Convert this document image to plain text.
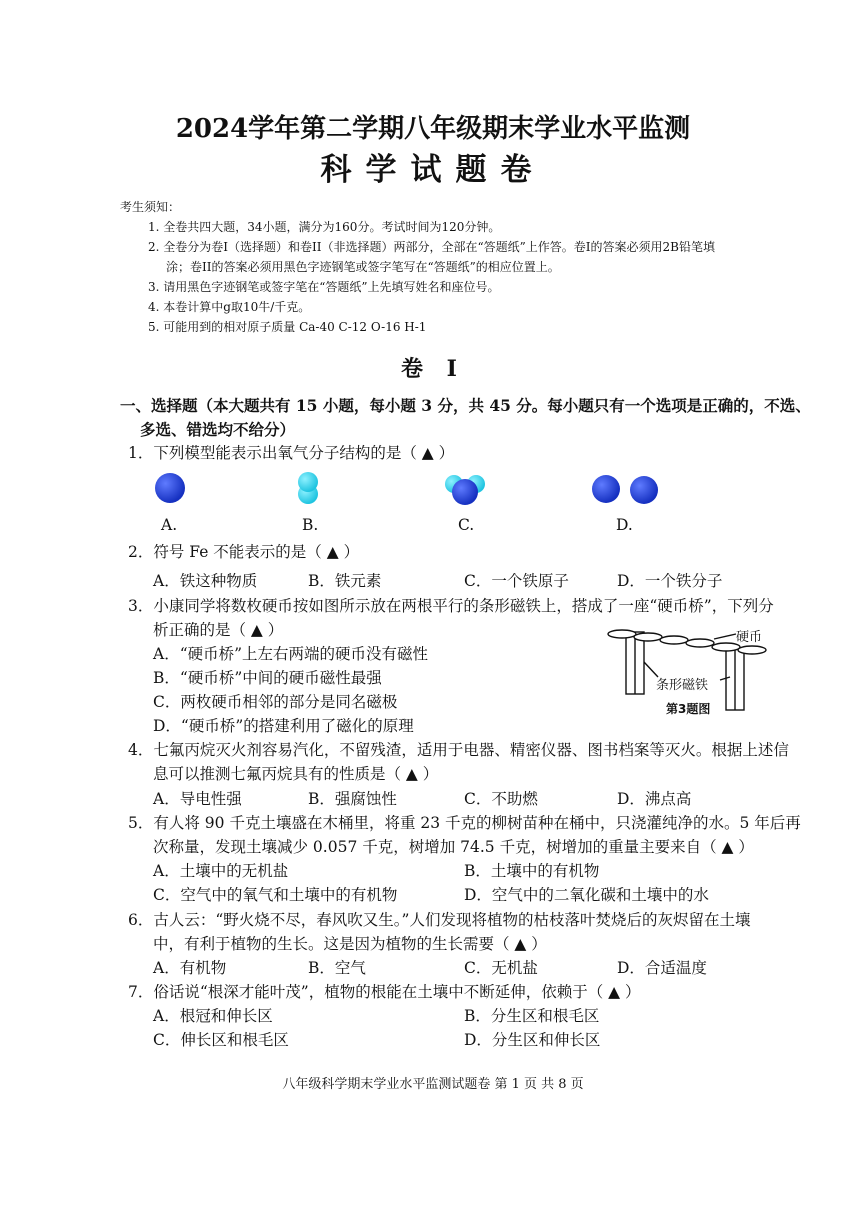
2024学年第二学期八年级期末学业水平监测
科学试题卷
考生须知：
1. 全卷共四大题，34小题，满分为160分。考试时间为120分钟。
2. 全卷分为卷I（选择题）和卷II（非选择题）两部分，全部在“答题纸”上作答。卷I的答案必须用2B铅笔填
涂；卷II的答案必须用黑色字迹钢笔或签字笔写在“答题纸”的相应位置上。
3. 请用黑色字迹钢笔或签字笔在“答题纸”上先填写姓名和座位号。
4. 本卷计算中g取10牛/千克。
5. 可能用到的相对原子质量 Ca-40 C-12 O-16 H-1
卷 I
一、选择题（本大题共有 15 小题，每小题 3 分，共 45 分。每小题只有一个选项是正确的，不选、
多选、错选均不给分）
1．下列模型能表示出氧气分子结构的是（ ▲ ）
A.	B.	C.	D.
2．符号 Fe 不能表示的是（ ▲ ）
A．铁这种物质	B．铁元素	C．一个铁原子	D．一个铁分子
3．小康同学将数枚硬币按如图所示放在两根平行的条形磁铁上，搭成了一座“硬币桥”，下列分
析正确的是（ ▲ ）
A．“硬币桥”上左右两端的硬币没有磁性
B．“硬币桥”中间的硬币磁性最强
C．两枚硬币相邻的部分是同名磁极
D．“硬币桥”的搭建利用了磁化的原理
硬币
条形磁铁
第3题图
4．七氟丙烷灭火剂容易汽化，不留残渣，适用于电器、精密仪器、图书档案等灭火。根据上述信
息可以推测七氟丙烷具有的性质是（ ▲ ）
A．导电性强	B．强腐蚀性	C．不助燃	D．沸点高
5．有人将 90 千克土壤盛在木桶里，将重 23 千克的柳树苗种在桶中，只浇灌纯净的水。5 年后再
次称量，发现土壤减少 0.057 千克，树增加 74.5 千克，树增加的重量主要来自（ ▲ ）
A．土壤中的无机盐	B．土壤中的有机物
C．空气中的氧气和土壤中的有机物	D．空气中的二氧化碳和土壤中的水
6．古人云：“野火烧不尽，春风吹又生。”人们发现将植物的枯枝落叶焚烧后的灰烬留在土壤
中，有利于植物的生长。这是因为植物的生长需要（ ▲ ）
A．有机物	B．空气	C．无机盐	D．合适温度
7．俗话说“根深才能叶茂”，植物的根能在土壤中不断延伸，依赖于（ ▲ ）
A．根冠和伸长区	B．分生区和根毛区
C．伸长区和根毛区	D．分生区和伸长区
八年级科学期末学业水平监测试题卷 第 1 页 共 8 页
